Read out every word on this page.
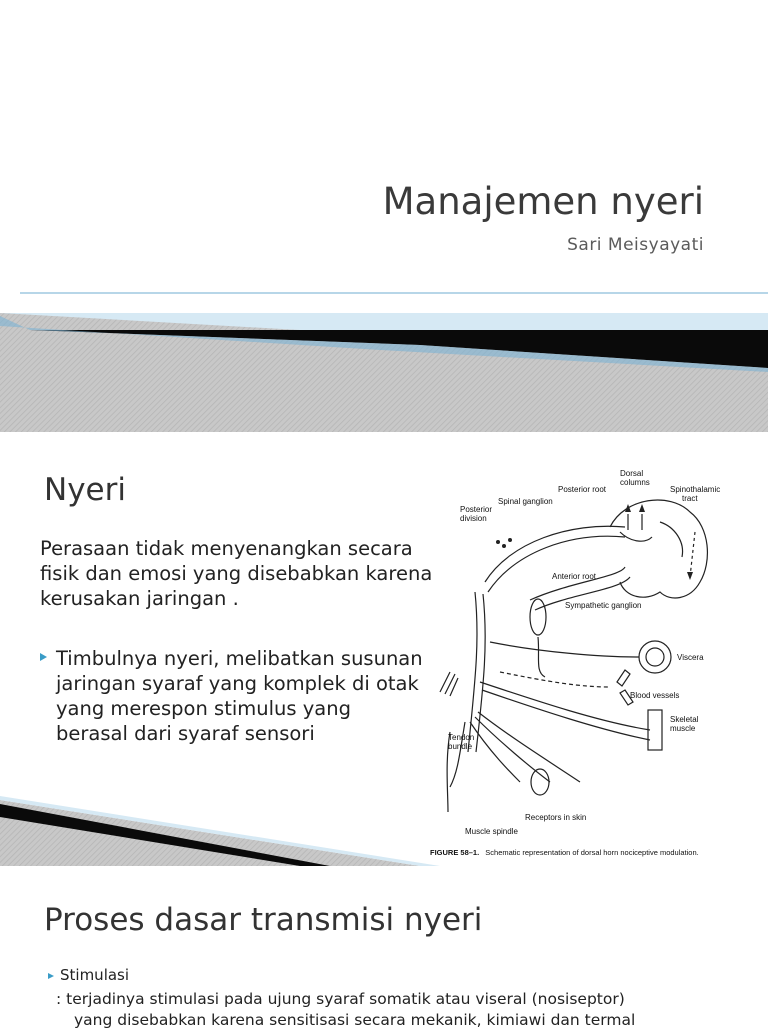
Manajemen nyeri
Sari Meisyayati
Nyeri
Perasaan tidak menyenangkan secara fisik dan emosi yang disebabkan karena kerusakan jaringan .
Timbulnya nyeri, melibatkan susunan jaringan syaraf yang komplek di otak yang merespon stimulus yang berasal dari syaraf sensori
Spinal ganglion
Posterior root
Dorsal
columns
Spinothalamic
tract
Posterior
division
Anterior root
Sympathetic ganglion
Viscera
Blood vessels
Skeletal
muscle
Tendon
bundle
Receptors in skin
Muscle spindle
FIGURE 58–1. Schematic representation of dorsal horn nociceptive modulation.
Proses dasar transmisi nyeri
Stimulasi
: terjadinya stimulasi pada ujung syaraf somatik atau viseral (nosiseptor)
yang disebabkan karena sensitisasi secara mekanik, kimiawi dan termal
